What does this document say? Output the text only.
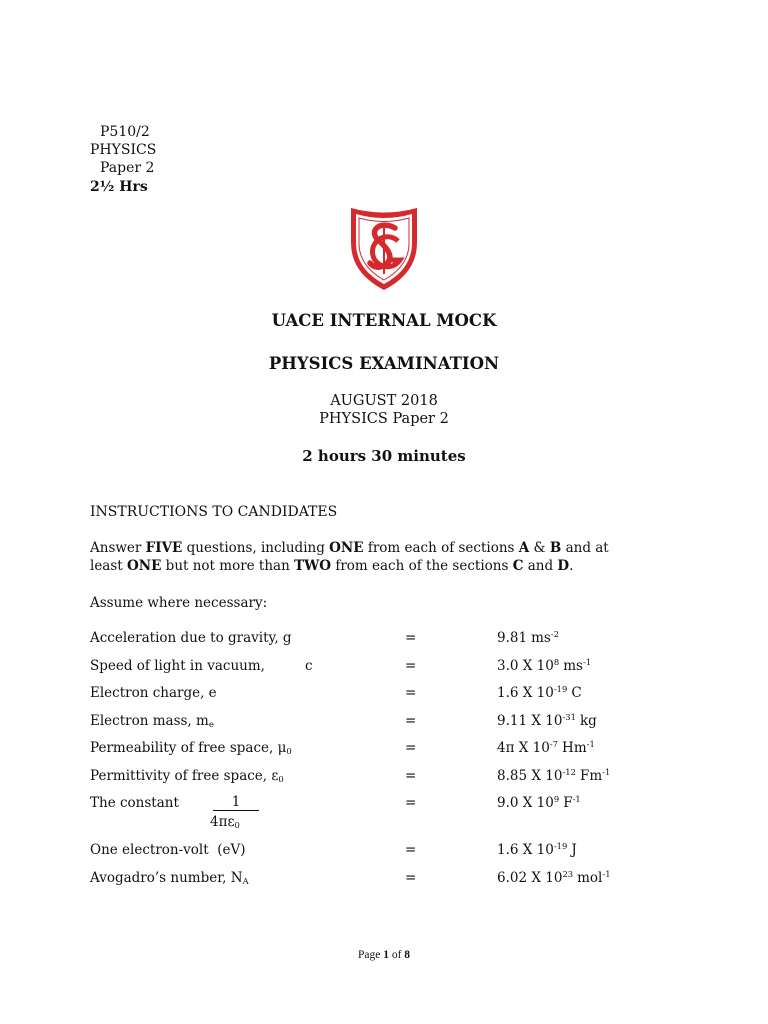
P510/2
PHYSICS
Paper 2
2½ Hrs
UACE INTERNAL MOCK
PHYSICS EXAMINATION
AUGUST 2018
PHYSICS Paper 2
2 hours 30 minutes
INSTRUCTIONS TO CANDIDATES
Answer FIVE questions, including ONE from each of sections A & B and at
least ONE but not more than TWO from each of the sections C and D.
Assume where necessary:
Acceleration due to gravity, g	=	9.81 $ms^{-2}$
Speed of light in vacuum,	c	=	3.0 X $10^8$ $ms^{-1}$
Electron charge, e	=	1.6 X $10^{-19}$ C
Electron mass, $m_e$	=	9.11 X $10^{-31}$ kg
Permeability of free space, $\mu_0$	=	4π X $10^{-7}$ $Hm^{-1}$
Permittivity of free space, $\varepsilon_0$	=	8.85 X $10^{-12}$ $Fm^{-1}$
The constant	1	=	9.0 X $10^9$ $F^{-1}$
$4\pi\varepsilon_0$
One electron-volt  (eV)	=	1.6 X $10^{-19}$ J
Avogadro’s number, $N_A$	=	6.02 X $10^{23}$ mol$^{-1}$
Page 1 of 8
